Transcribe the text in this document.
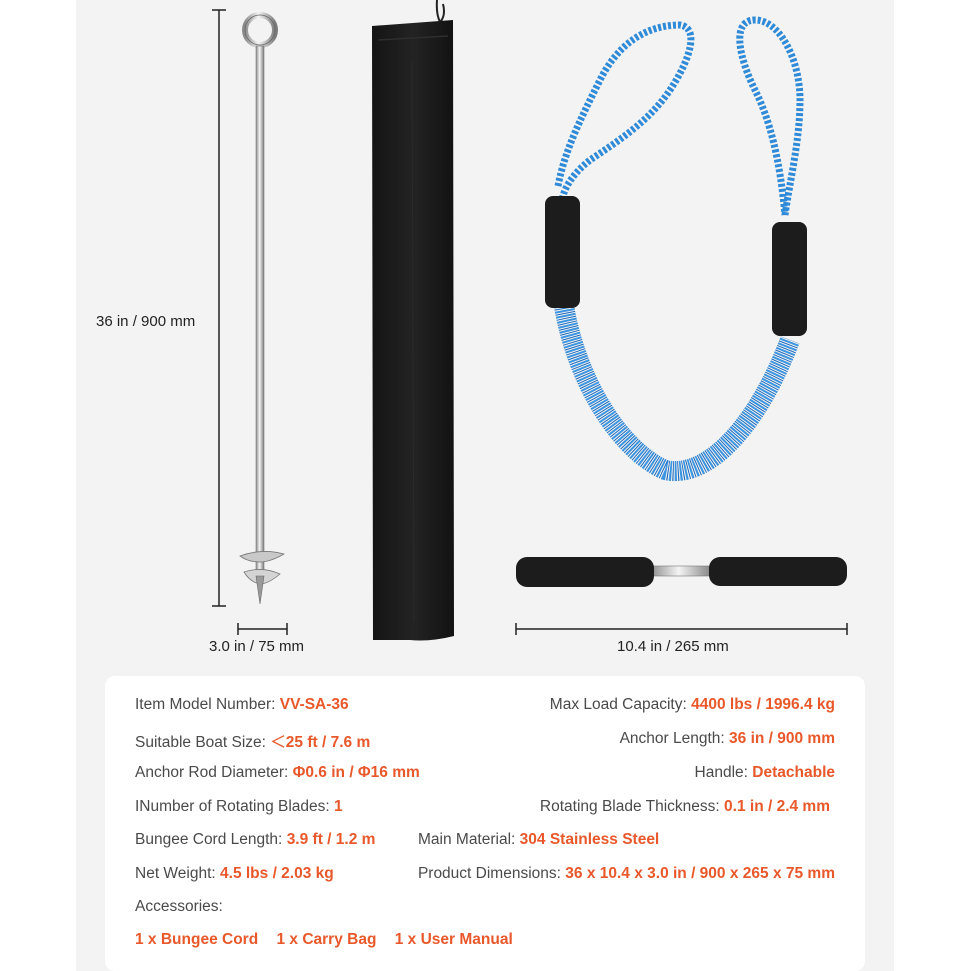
36 in / 900 mm
3.0 in / 75 mm	10.4 in / 265 mm
Item Model Number: VV-SA-36	Max Load Capacity: 4400 lbs / 1996.4 kg
Suitable Boat Size: ＜25 ft / 7.6 m	Anchor Length: 36 in / 900 mm
Anchor Rod Diameter: Φ0.6 in / Φ16 mm	Handle: Detachable
INumber of Rotating Blades: 1	Rotating Blade Thickness: 0.1 in / 2.4 mm
Bungee Cord Length: 3.9 ft / 1.2 m	Main Material: 304 Stainless Steel
Net Weight: 4.5 lbs / 2.03 kg	Product Dimensions: 36 x 10.4 x 3.0 in / 900 x 265 x 75 mm
Accessories:
1 x Bungee Cord 1 x Carry Bag 1 x User Manual
